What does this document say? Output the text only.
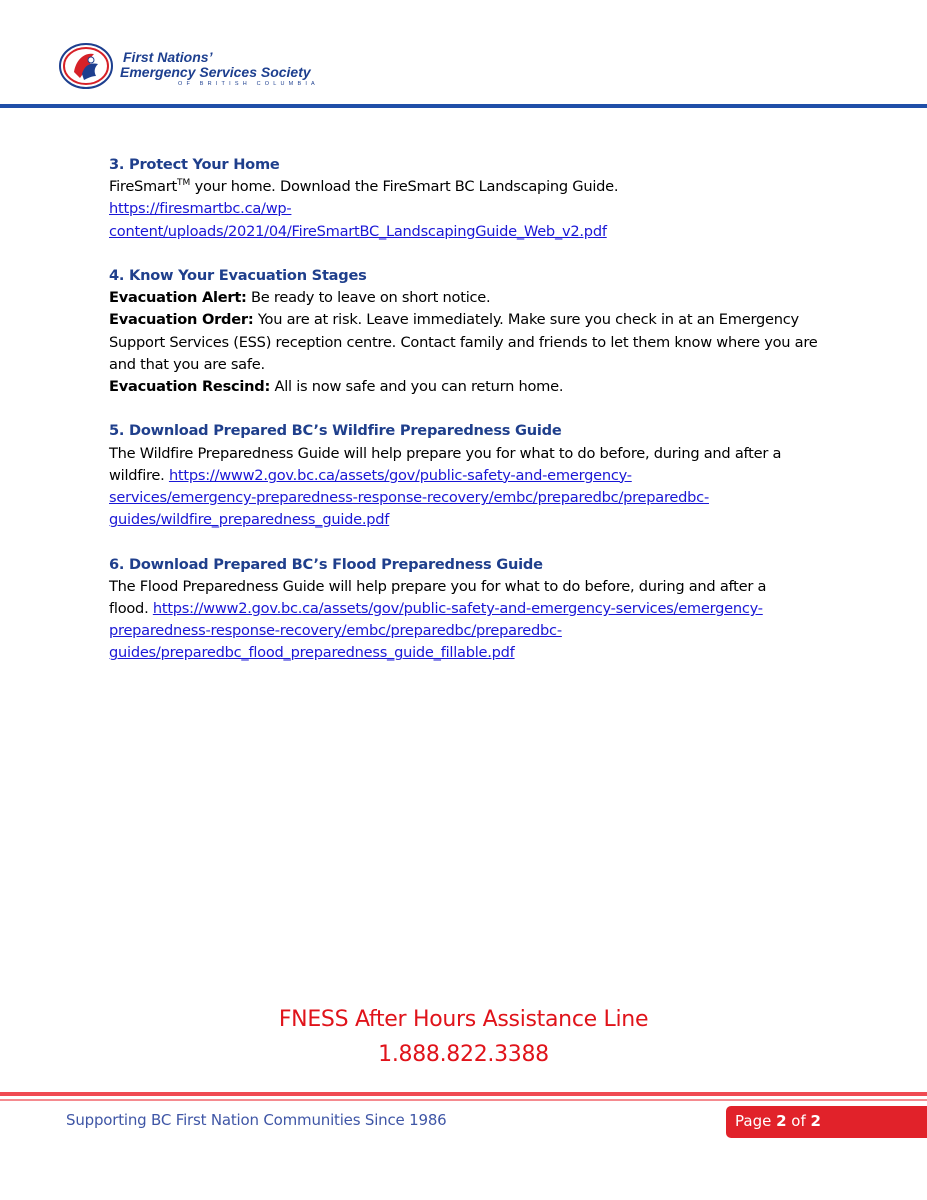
First Nations’
Emergency Services Society
OF BRITISH COLUMBIA
3. Protect Your Home
FireSmart™ your home. Download the FireSmart BC Landscaping Guide.
https://firesmartbc.ca/wp-
content/uploads/2021/04/FireSmartBC_LandscapingGuide_Web_v2.pdf
4. Know Your Evacuation Stages
Evacuation Alert: Be ready to leave on short notice.
Evacuation Order: You are at risk. Leave immediately. Make sure you check in at an Emergency Support Services (ESS) reception centre. Contact family and friends to let them know where you are and that you are safe.
Evacuation Rescind: All is now safe and you can return home.
5. Download Prepared BC’s Wildfire Preparedness Guide
The Wildfire Preparedness Guide will help prepare you for what to do before, during and after a
wildfire. https://www2.gov.bc.ca/assets/gov/public-safety-and-emergency-
services/emergency-preparedness-response-recovery/embc/preparedbc/preparedbc-
guides/wildfire_preparedness_guide.pdf
6. Download Prepared BC’s Flood Preparedness Guide
The Flood Preparedness Guide will help prepare you for what to do before, during and after a
flood. https://www2.gov.bc.ca/assets/gov/public-safety-and-emergency-services/emergency-
preparedness-response-recovery/embc/preparedbc/preparedbc-
guides/preparedbc_flood_preparedness_guide_fillable.pdf
FNESS After Hours Assistance Line
1.888.822.3388
Supporting BC First Nation Communities Since 1986	Page 2 of 2
